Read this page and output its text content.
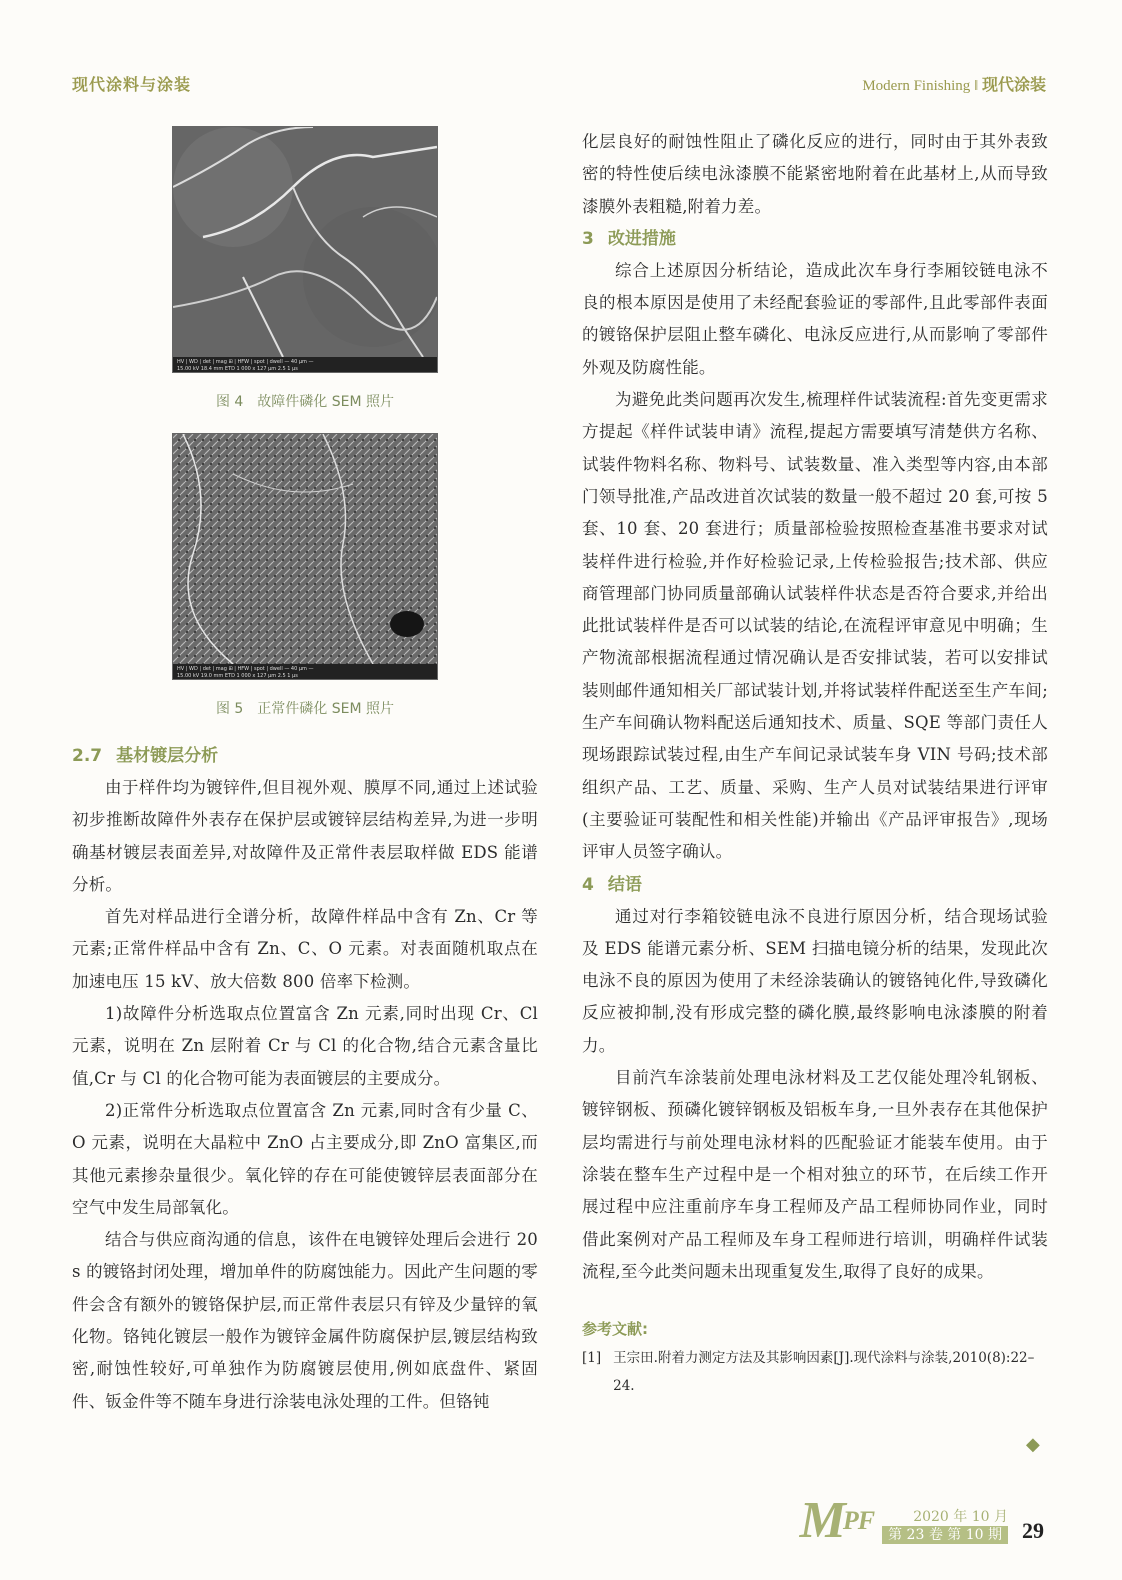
现代涂料与涂装	Modern Finishing ‖ 现代涂装
HV | WD | det | mag ⊞ | HFW | spot | dwell — 40 µm —
15.00 kV 18.4 mm ETD 1 000 x 127 µm 2.5 1 µs
图 4　故障件磷化 SEM 照片
HV | WD | det | mag ⊞ | HFW | spot | dwell — 40 µm —
15.00 kV 19.0 mm ETD 1 000 x 127 µm 2.5 1 µs
图 5　正常件磷化 SEM 照片
2.7 基材镀层分析

由于样件均为镀锌件,但目视外观、膜厚不同,通过上述试验初步推断故障件外表存在保护层或镀锌层结构差异,为进一步明确基材镀层表面差异,对故障件及正常件表层取样做 EDS 能谱分析。

首先对样品进行全谱分析，故障件样品中含有 Zn、Cr 等元素;正常件样品中含有 Zn、C、O 元素。对表面随机取点在加速电压 15 kV、放大倍数 800 倍率下检测。

1)故障件分析选取点位置富含 Zn 元素,同时出现 Cr、Cl 元素，说明在 Zn 层附着 Cr 与 Cl 的化合物,结合元素含量比值,Cr 与 Cl 的化合物可能为表面镀层的主要成分。

2)正常件分析选取点位置富含 Zn 元素,同时含有少量 C、O 元素，说明在大晶粒中 ZnO 占主要成分,即 ZnO 富集区,而其他元素掺杂量很少。氧化锌的存在可能使镀锌层表面部分在空气中发生局部氧化。

结合与供应商沟通的信息，该件在电镀锌处理后会进行 20 s 的镀铬封闭处理，增加单件的防腐蚀能力。因此产生问题的零件会含有额外的镀铬保护层,而正常件表层只有锌及少量锌的氧化物。铬钝化镀层一般作为镀锌金属件防腐保护层,镀层结构致密,耐蚀性较好,可单独作为防腐镀层使用,例如底盘件、紧固件、钣金件等不随车身进行涂装电泳处理的工件。但铬钝

化层良好的耐蚀性阻止了磷化反应的进行，同时由于其外表致密的特性使后续电泳漆膜不能紧密地附着在此基材上,从而导致漆膜外表粗糙,附着力差。

3 改进措施

综合上述原因分析结论，造成此次车身行李厢铰链电泳不良的根本原因是使用了未经配套验证的零部件,且此零部件表面的镀铬保护层阻止整车磷化、电泳反应进行,从而影响了零部件外观及防腐性能。

为避免此类问题再次发生,梳理样件试装流程:首先变更需求方提起《样件试装申请》流程,提起方需要填写清楚供方名称、试装件物料名称、物料号、试装数量、准入类型等内容,由本部门领导批准,产品改进首次试装的数量一般不超过 20 套,可按 5 套、10 套、20 套进行；质量部检验按照检查基准书要求对试装样件进行检验,并作好检验记录,上传检验报告;技术部、供应商管理部门协同质量部确认试装样件状态是否符合要求,并给出此批试装样件是否可以试装的结论,在流程评审意见中明确；生产物流部根据流程通过情况确认是否安排试装，若可以安排试装则邮件通知相关厂部试装计划,并将试装样件配送至生产车间;生产车间确认物料配送后通知技术、质量、SQE 等部门责任人现场跟踪试装过程,由生产车间记录试装车身 VIN 号码;技术部组织产品、工艺、质量、采购、生产人员对试装结果进行评审(主要验证可装配性和相关性能)并输出《产品评审报告》,现场评审人员签字确认。

4 结语

通过对行李箱铰链电泳不良进行原因分析，结合现场试验及 EDS 能谱元素分析、SEM 扫描电镜分析的结果，发现此次电泳不良的原因为使用了未经涂装确认的镀铬钝化件,导致磷化反应被抑制,没有形成完整的磷化膜,最终影响电泳漆膜的附着力。

目前汽车涂装前处理电泳材料及工艺仅能处理冷轧钢板、镀锌钢板、预磷化镀锌钢板及铝板车身,一旦外表存在其他保护层均需进行与前处理电泳材料的匹配验证才能装车使用。由于涂装在整车生产过程中是一个相对独立的环节，在后续工作开展过程中应注重前序车身工程师及产品工程师协同作业，同时借此案例对产品工程师及车身工程师进行培训，明确样件试装流程,至今此类问题未出现重复发生,取得了良好的成果。

参考文献:
[1] 王宗田.附着力测定方法及其影响因素[J].现代涂料与涂装,2010(8):22–24.
◆
$M^{PF}$	2020 年 10 月
第 23 卷 第 10 期 29
